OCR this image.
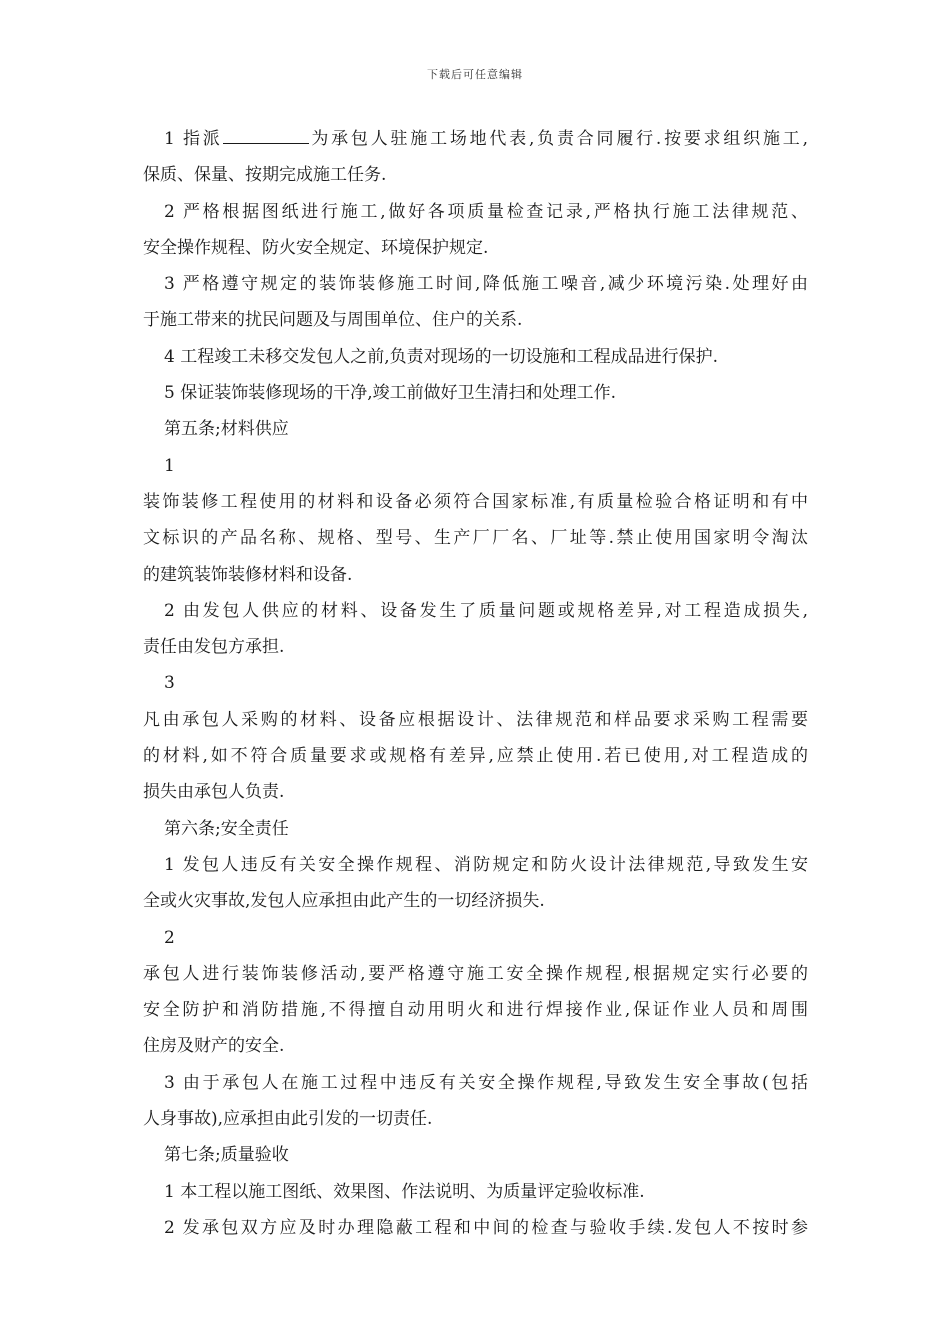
下载后可任意编辑
1 指派	为承包人驻施工场地代表,负责合同履行.按要求组织施工,
保质、保量、按期完成施工任务.
2 严格根据图纸进行施工,做好各项质量检查记录,严格执行施工法律规范、
安全操作规程、防火安全规定、环境保护规定.
3 严格遵守规定的装饰装修施工时间,降低施工噪音,减少环境污染.处理好由
于施工带来的扰民问题及与周围单位、住户的关系.
4 工程竣工未移交发包人之前,负责对现场的一切设施和工程成品进行保护.
5 保证装饰装修现场的干净,竣工前做好卫生清扫和处理工作.
第五条;材料供应
1
装饰装修工程使用的材料和设备必须符合国家标准,有质量检验合格证明和有中
文标识的产品名称、规格、型号、生产厂厂名、厂址等.禁止使用国家明令淘汰
的建筑装饰装修材料和设备.
2 由发包人供应的材料、设备发生了质量问题或规格差异,对工程造成损失,
责任由发包方承担.
3
凡由承包人采购的材料、设备应根据设计、法律规范和样品要求采购工程需要
的材料,如不符合质量要求或规格有差异,应禁止使用.若已使用,对工程造成的
损失由承包人负责.
第六条;安全责任
1 发包人违反有关安全操作规程、消防规定和防火设计法律规范,导致发生安
全或火灾事故,发包人应承担由此产生的一切经济损失.
2
承包人进行装饰装修活动,要严格遵守施工安全操作规程,根据规定实行必要的
安全防护和消防措施,不得擅自动用明火和进行焊接作业,保证作业人员和周围
住房及财产的安全.
3 由于承包人在施工过程中违反有关安全操作规程,导致发生安全事故(包括
人身事故),应承担由此引发的一切责任.
第七条;质量验收
1 本工程以施工图纸、效果图、作法说明、为质量评定验收标准.
2 发承包双方应及时办理隐蔽工程和中间的检查与验收手续.发包人不按时参
